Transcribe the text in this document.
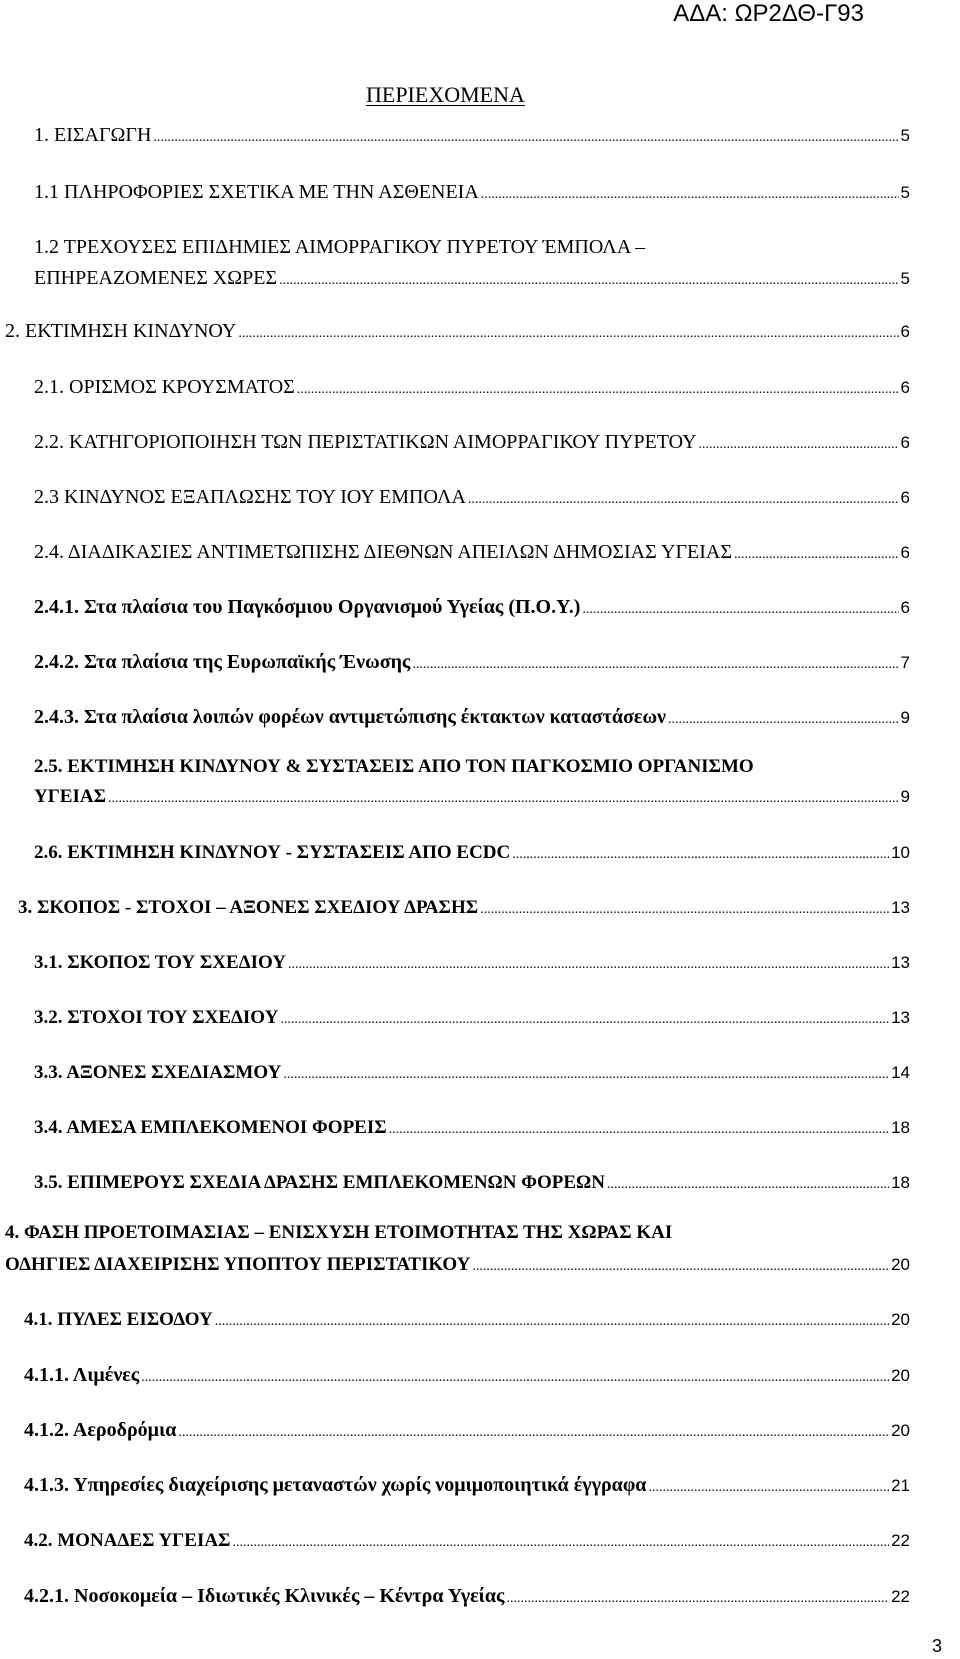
ΑΔΑ: ΩΡ2ΔΘ-Γ93
ΠΕΡΙΕΧΟΜΕΝΑ
1. ΕΙΣΑΓΩΓΗ .....	5
1.1 ΠΛΗΡΟΦΟΡΙΕΣ ΣΧΕΤΙΚΑ ΜΕ ΤΗΝ ΑΣΘΕΝΕΙΑ .....	5
1.2 ΤΡΕΧΟΥΣΕΣ ΕΠΙΔΗΜΙΕΣ ΑΙΜΟΡΡΑΓΙΚΟΥ ΠΥΡΕΤΟΥ ΈΜΠΟΛΑ –
ΕΠΗΡΕΑΖΟΜΕΝΕΣ ΧΩΡΕΣ .....	5
2. ΕΚΤΙΜΗΣΗ ΚΙΝΔΥΝΟΥ .....	6
2.1. ΟΡΙΣΜΟΣ ΚΡΟΥΣΜΑΤΟΣ .....	6
2.2. ΚΑΤΗΓΟΡΙΟΠΟΙΗΣΗ ΤΩΝ ΠΕΡΙΣΤΑΤΙΚΩΝ ΑΙΜΟΡΡΑΓΙΚΟΥ ΠΥΡΕΤΟΥ .....	6
2.3 ΚΙΝΔΥΝΟΣ ΕΞΑΠΛΩΣΗΣ ΤΟΥ ΙΟΥ ΕΜΠΟΛΑ .....	6
2.4. ΔΙΑΔΙΚΑΣΙΕΣ ΑΝΤΙΜΕΤΩΠΙΣΗΣ ΔΙΕΘΝΩΝ ΑΠΕΙΛΩΝ ΔΗΜΟΣΙΑΣ ΥΓΕΙΑΣ .....	6
2.4.1. Στα πλαίσια του Παγκόσμιου Οργανισμού Υγείας (Π.Ο.Υ.) .....	6
2.4.2. Στα πλαίσια της Ευρωπαϊκής Ένωσης .....	7
2.4.3. Στα πλαίσια λοιπών φορέων αντιμετώπισης έκτακτων καταστάσεων .....	9
2.5. ΕΚΤΙΜΗΣΗ ΚΙΝΔΥΝΟΥ & ΣΥΣΤΑΣΕΙΣ ΑΠΟ ΤΟΝ ΠΑΓΚΟΣΜΙΟ ΟΡΓΑΝΙΣΜΟ
ΥΓΕΙΑΣ .....	9
2.6. ΕΚΤΙΜΗΣΗ ΚΙΝΔΥΝΟΥ - ΣΥΣΤΑΣΕΙΣ ΑΠΟ ECDC .....	10
3. ΣΚΟΠΟΣ - ΣΤΟΧΟΙ – ΑΞΟΝΕΣ ΣΧΕΔΙΟΥ ΔΡΑΣΗΣ .....	13
3.1. ΣΚΟΠΟΣ ΤΟΥ ΣΧΕΔΙΟΥ .....	13
3.2. ΣΤΟΧΟΙ ΤΟΥ ΣΧΕΔΙΟΥ .....	13
3.3. ΑΞΟΝΕΣ ΣΧΕΔΙΑΣΜΟΥ .....	14
3.4. ΑΜΕΣΑ ΕΜΠΛΕΚΟΜΕΝΟΙ ΦΟΡΕΙΣ .....	18
3.5. ΕΠΙΜΕΡΟΥΣ ΣΧΕΔΙΑ ΔΡΑΣΗΣ ΕΜΠΛΕΚΟΜΕΝΩΝ ΦΟΡΕΩΝ .....	18
4. ΦΑΣΗ ΠΡΟΕΤΟΙΜΑΣΙΑΣ – ΕΝΙΣΧΥΣΗ ΕΤΟΙΜΟΤΗΤΑΣ ΤΗΣ ΧΩΡΑΣ ΚΑΙ
ΟΔΗΓΙΕΣ ΔΙΑΧΕΙΡΙΣΗΣ ΥΠΟΠΤΟΥ ΠΕΡΙΣΤΑΤΙΚΟΥ .....	20
4.1. ΠΥΛΕΣ ΕΙΣΟΔΟΥ .....	20
4.1.1. Λιμένες .....	20
4.1.2. Αεροδρόμια .....	20
4.1.3. Υπηρεσίες διαχείρισης μεταναστών χωρίς νομιμοποιητικά έγγραφα .....	21
4.2. ΜΟΝΑΔΕΣ ΥΓΕΙΑΣ .....	22
4.2.1. Νοσοκομεία – Ιδιωτικές Κλινικές – Κέντρα Υγείας .....	22
3
